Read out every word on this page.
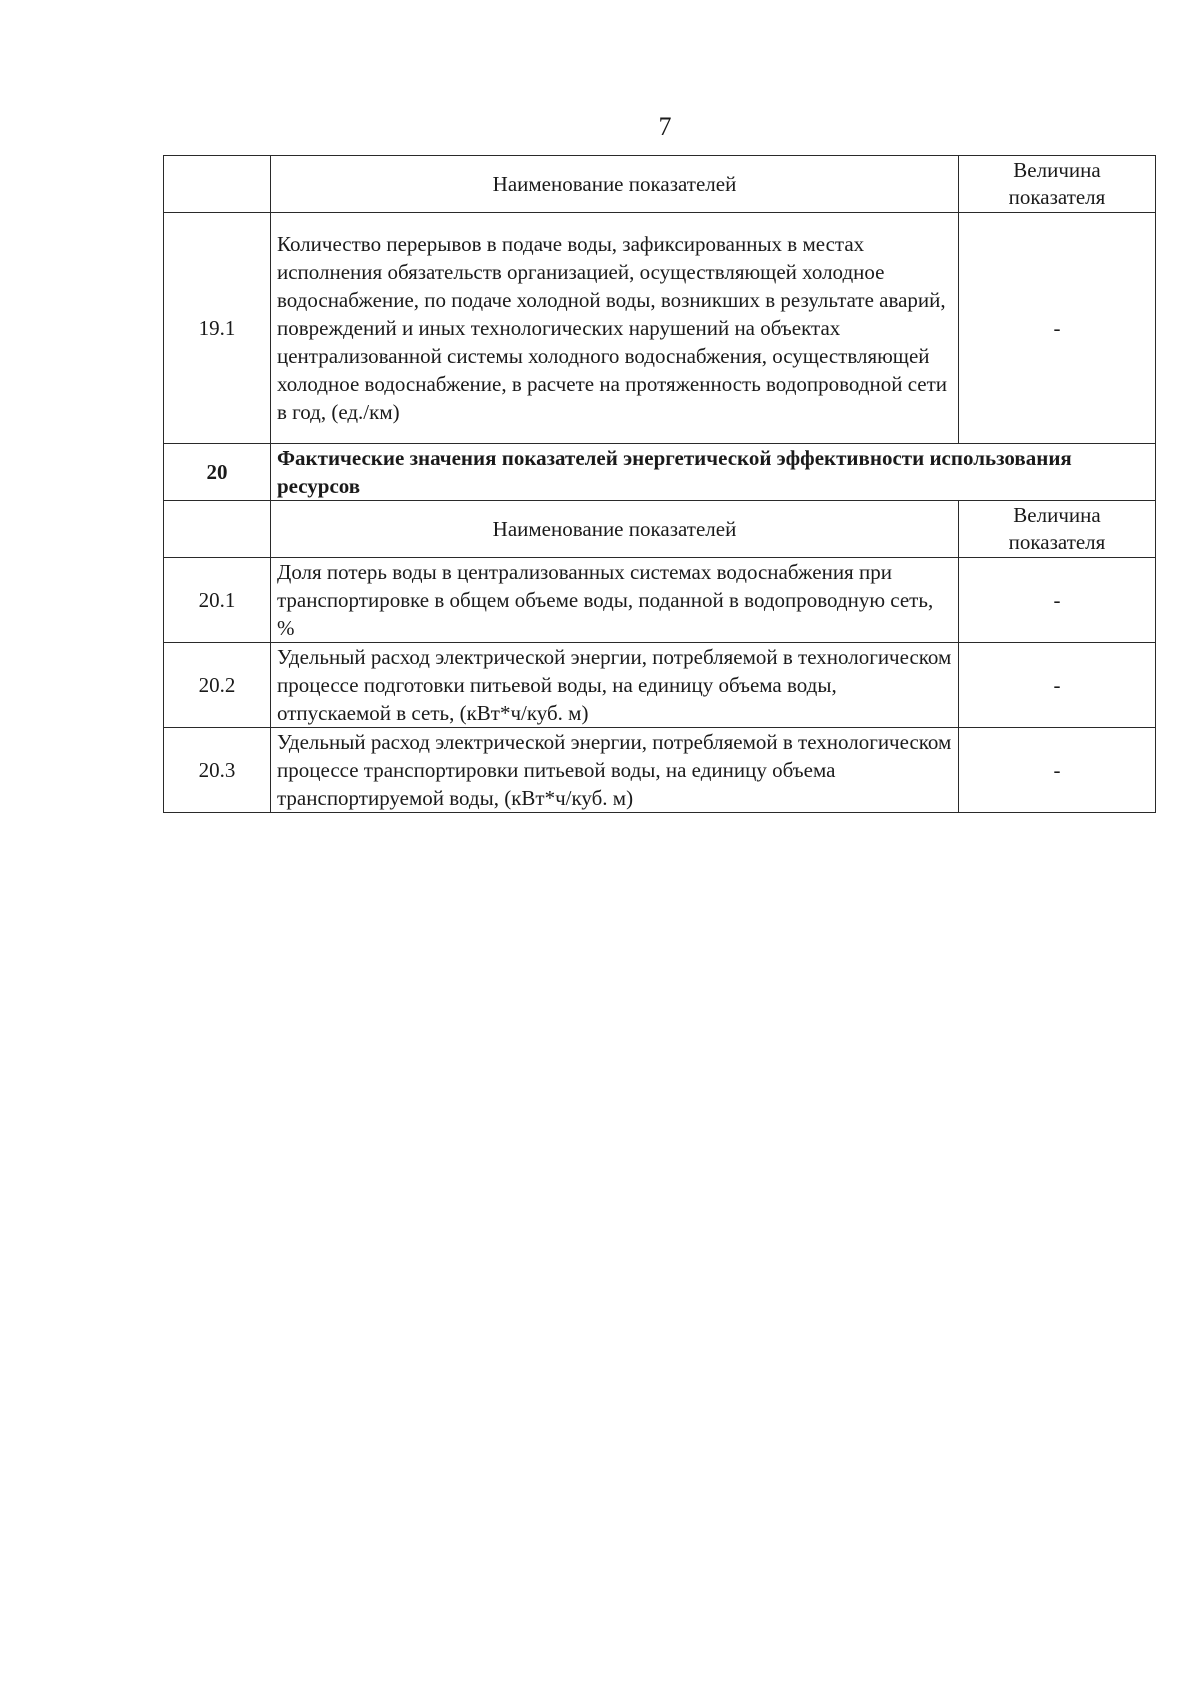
7
	Наименование показателей	Величина
показателя

19.1	Количество перерывов в подаче воды, зафиксированных в местах исполнения обязательств организацией, осуществляющей холодное водоснабжение, по подаче холодной воды, возникших в результате аварий, повреждений и иных технологических нарушений на объектах централизованной системы холодного водоснабжения, осуществляющей холодное водоснабжение, в расчете на протяженность водопроводной сети в год, (ед./км)	-
20	Фактические значения показателей энергетической эффективности использования ресурсов	
	Наименование показателей	Величина
показателя

20.1	Доля потерь воды в централизованных системах водоснабжения при транспортировке в общем объеме воды, поданной в водопроводную сеть, %	-
20.2	Удельный расход электрической энергии, потребляемой в технологическом процессе подготовки питьевой воды, на единицу объема воды, отпускаемой в сеть, (кВт*ч/куб. м)	-
20.3	Удельный расход электрической энергии, потребляемой в технологическом процессе транспортировки питьевой воды, на единицу объема транспортируемой воды, (кВт*ч/куб. м)	-
